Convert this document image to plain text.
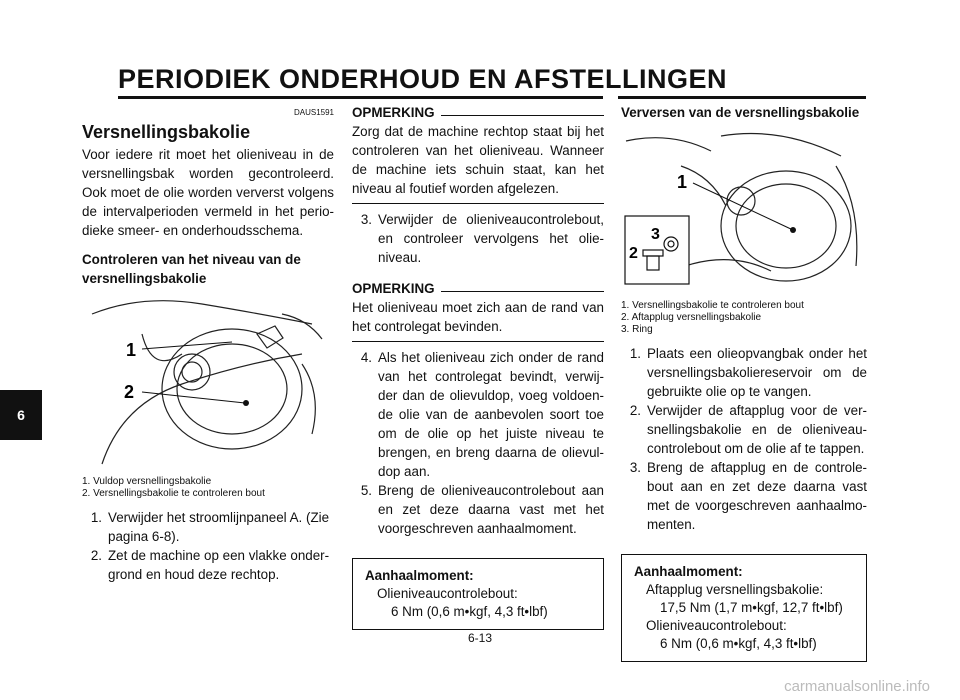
PERIODIEK ONDERHOUD EN AFSTELLINGEN
6
DAUS1591
Versnellingsbakolie

Voor iedere rit moet het olieniveau in de versnellingsbak worden gecontroleerd. Ook moet de olie worden ververst volgens de intervalperioden vermeld in het perio-dieke smeer- en onderhoudsschema.

Controleren van het niveau van de versnellingsbakolie
1
2
1. Vuldop versnellingsbakolie
2. Versnellingsbakolie te controleren bout
1. Verwijder het stroomlijnpaneel A. (Zie pagina 6-8).
2. Zet de machine op een vlakke onder-grond en houd deze rechtop.
OPMERKING

Zorg dat de machine rechtop staat bij het controleren van het olieniveau. Wanneer de machine iets schuin staat, kan het niveau al foutief worden afgelezen.

3. Verwijder de olieniveaucontrolebout, en controleer vervolgens het olie-niveau.
OPMERKING

Het olieniveau moet zich aan de rand van het controlegat bevinden.

4. Als het olieniveau zich onder de rand van het controlegat bevindt, verwij-der dan de olievuldop, voeg voldoen-de olie van de aanbevolen soort toe om de olie op het juiste niveau te brengen, en breng daarna de olievul-dop aan.
5. Breng de olieniveaucontrolebout aan en zet deze daarna vast met het voorgeschreven aanhaalmoment.
Aanhaalmoment:
Olieniveaucontrolebout:
6 Nm (0,6 m•kgf, 4,3 ft•lbf)
Verversen van de versnellingsbakolie
1
2
3
1. Versnellingsbakolie te controleren bout
2. Aftapplug versnellingsbakolie
3. Ring
1. Plaats een olieopvangbak onder het versnellingsbakoliereservoir om de gebruikte olie op te vangen.
2. Verwijder de aftapplug voor de ver-snellingsbakolie en de olieniveau-controlebout om de olie af te tappen.
3. Breng de aftapplug en de controle-bout aan en zet deze daarna vast met de voorgeschreven aanhaalmo-menten.
Aanhaalmoment:
Aftapplug versnellingsbakolie:
17,5 Nm (1,7 m•kgf, 12,7 ft•lbf)
Olieniveaucontrolebout:
6 Nm (0,6 m•kgf, 4,3 ft•lbf)
6-13
carmanualsonline.info
